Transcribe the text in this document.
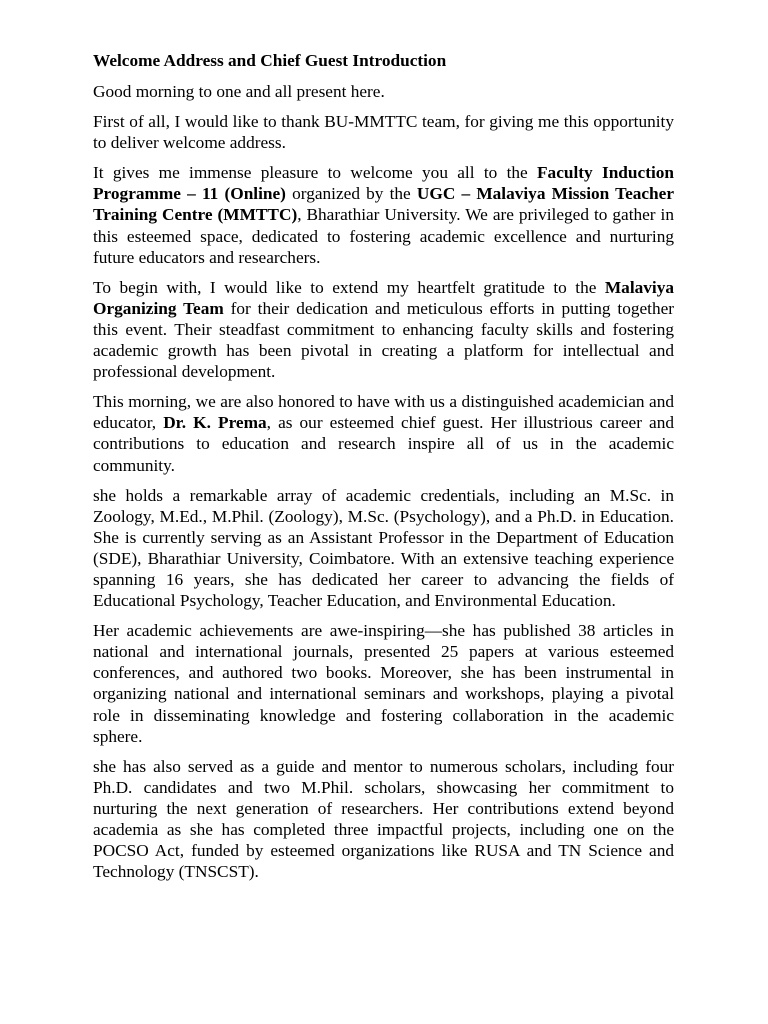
Welcome Address and Chief Guest Introduction

Good morning to one and all present here.

First of all, I would like to thank BU-MMTTC team, for giving me this opportunity to deliver welcome address.

It gives me immense pleasure to welcome you all to the Faculty Induction Programme – 11 (Online) organized by the UGC – Malaviya Mission Teacher Training Centre (MMTTC), Bharathiar University. We are privileged to gather in this esteemed space, dedicated to fostering academic excellence and nurturing future educators and researchers.

To begin with, I would like to extend my heartfelt gratitude to the Malaviya Organizing Team for their dedication and meticulous efforts in putting together this event. Their steadfast commitment to enhancing faculty skills and fostering academic growth has been pivotal in creating a platform for intellectual and professional development.

This morning, we are also honored to have with us a distinguished academician and educator, Dr. K. Prema, as our esteemed chief guest. Her illustrious career and contributions to education and research inspire all of us in the academic community.

she holds a remarkable array of academic credentials, including an M.Sc. in Zoology, M.Ed., M.Phil. (Zoology), M.Sc. (Psychology), and a Ph.D. in Education. She is currently serving as an Assistant Professor in the Department of Education (SDE), Bharathiar University, Coimbatore. With an extensive teaching experience spanning 16 years, she has dedicated her career to advancing the fields of Educational Psychology, Teacher Education, and Environmental Education.

Her academic achievements are awe-inspiring—she has published 38 articles in national and international journals, presented 25 papers at various esteemed conferences, and authored two books. Moreover, she has been instrumental in organizing national and international seminars and workshops, playing a pivotal role in disseminating knowledge and fostering collaboration in the academic sphere.

she has also served as a guide and mentor to numerous scholars, including four Ph.D. candidates and two M.Phil. scholars, showcasing her commitment to nurturing the next generation of researchers. Her contributions extend beyond academia as she has completed three impactful projects, including one on the POCSO Act, funded by esteemed organizations like RUSA and TN Science and Technology (TNSCST).
